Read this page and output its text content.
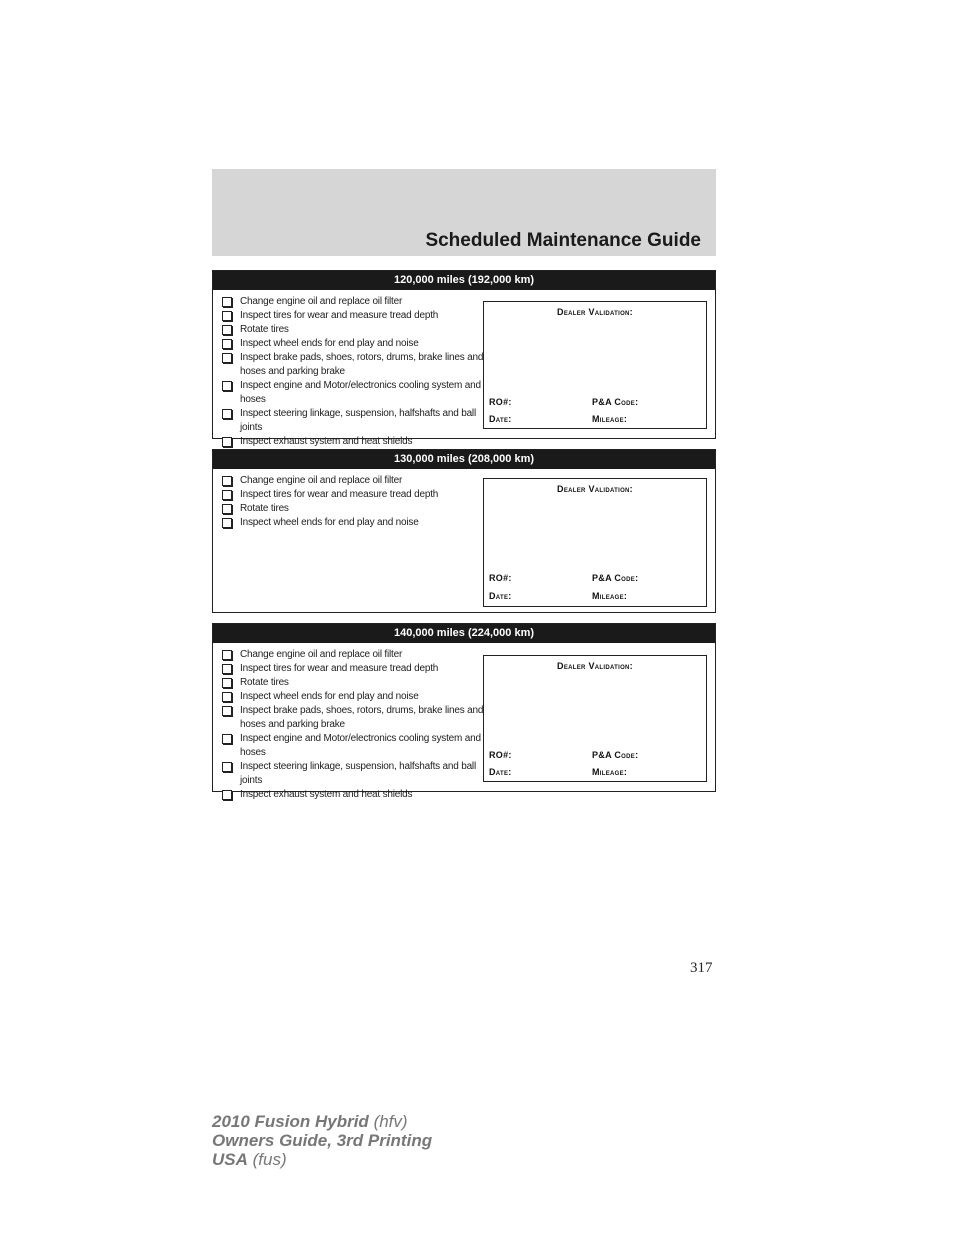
Scheduled Maintenance Guide
120,000 miles (192,000 km)
Change engine oil and replace oil filter
Inspect tires for wear and measure tread depth
Rotate tires
Inspect wheel ends for end play and noise
Inspect brake pads, shoes, rotors, drums, brake lines and hoses and parking brake
Inspect engine and Motor/electronics cooling system and hoses
Inspect steering linkage, suspension, halfshafts and ball joints
Inspect exhaust system and heat shields
Dealer Validation:
RO#:	P&A Code:
Date:	Mileage:
130,000 miles (208,000 km)
Change engine oil and replace oil filter
Inspect tires for wear and measure tread depth
Rotate tires
Inspect wheel ends for end play and noise
Dealer Validation:
RO#:	P&A Code:
Date:	Mileage:
140,000 miles (224,000 km)
Change engine oil and replace oil filter
Inspect tires for wear and measure tread depth
Rotate tires
Inspect wheel ends for end play and noise
Inspect brake pads, shoes, rotors, drums, brake lines and hoses and parking brake
Inspect engine and Motor/electronics cooling system and hoses
Inspect steering linkage, suspension, halfshafts and ball joints
Inspect exhaust system and heat shields
Dealer Validation:
RO#:	P&A Code:
Date:	Mileage:
317
2010 Fusion Hybrid (hfv)
Owners Guide, 3rd Printing
USA (fus)
